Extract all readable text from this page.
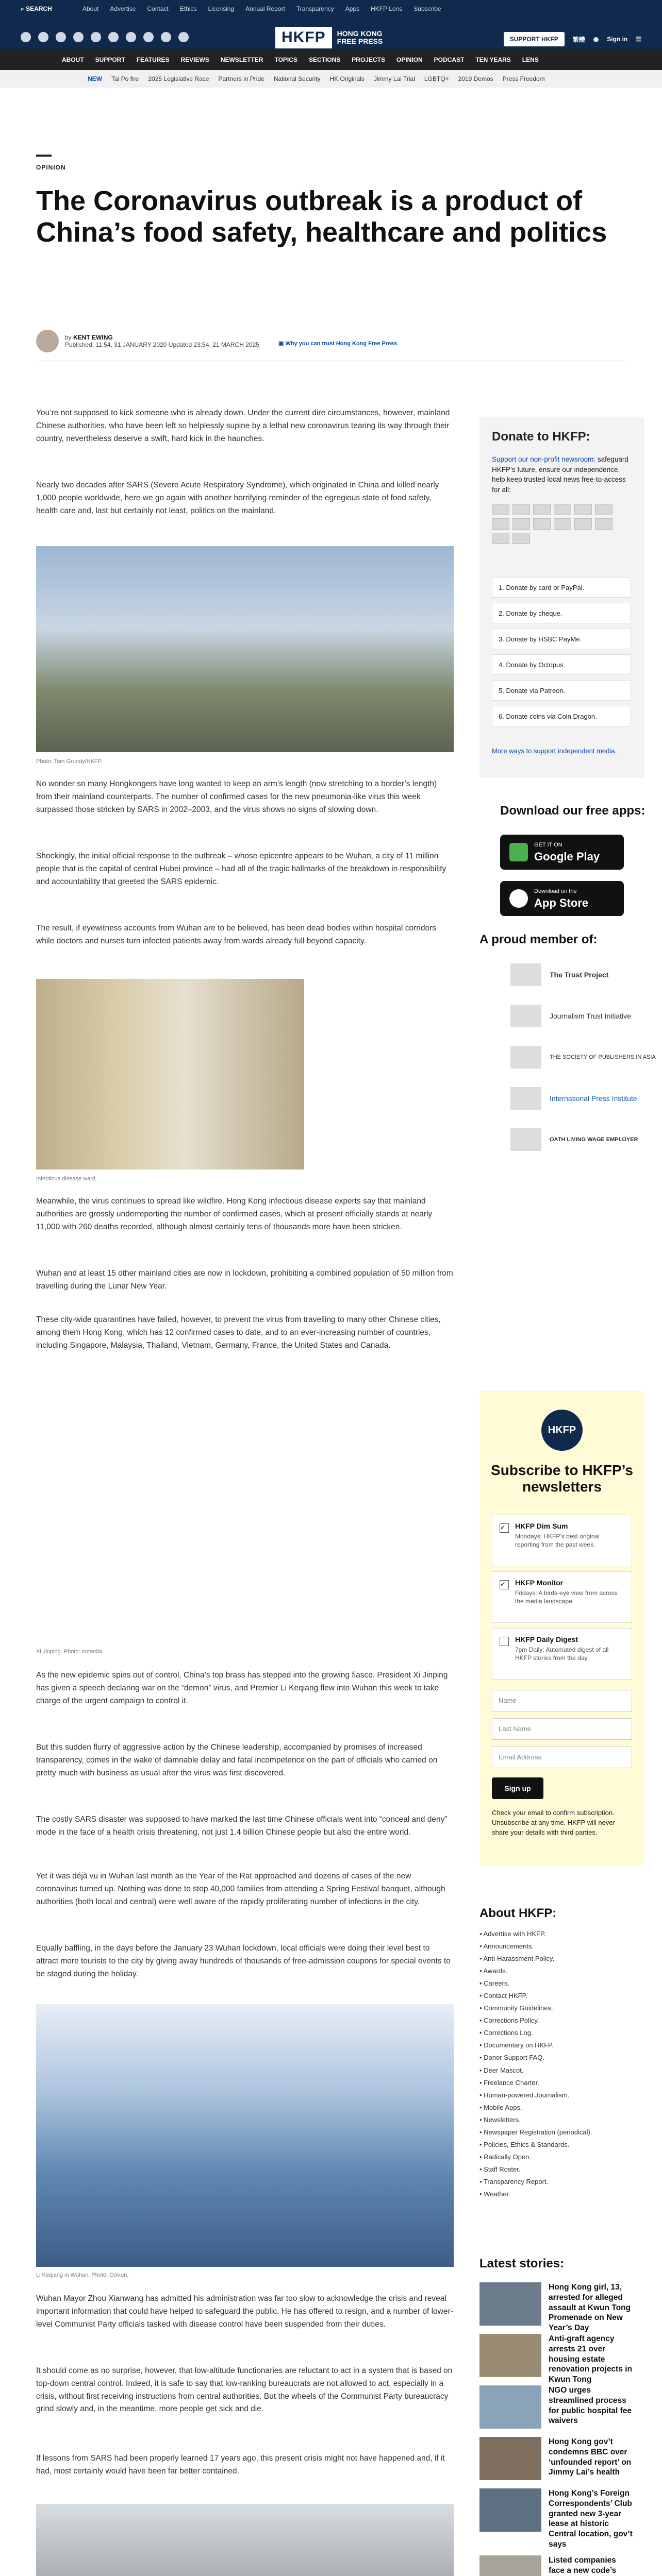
⌕ SEARCH	About Advertise Contact Ethics Licensing Annual Report Transparency Apps HKFP Lens Subscribe
HKFP	HONG KONG
FREE PRESS	SUPPORT HKFP	繁體 ◉ Sign in ☰
ABOUT SUPPORT FEATURES REVIEWS NEWSLETTER TOPICS SECTIONS PROJECTS OPINION PODCAST TEN YEARS LENS
NEW Tai Po fire 2025 Legislative Race Partners in Pride National Security HK Originals Jimmy Lai Trial LGBTQ+ 2019 Demos Press Freedom
OPINION
The Coronavirus outbreak is a product of China’s food safety, healthcare and politics
by KENT EWING
Published: 11:54, 31 JANUARY 2020 Updated 23:54, 21 MARCH 2025	▣ Why you can trust Hong Kong Free Press

You’re not supposed to kick someone who is already down. Under the current dire circumstances, however, mainland Chinese authorities, who have been left so helplessly supine by a lethal new coronavirus tearing its way through their country, nevertheless deserve a swift, hard kick in the haunches.

Nearly two decades after SARS (Severe Acute Respiratory Syndrome), which originated in China and killed nearly 1,000 people worldwide, here we go again with another horrifying reminder of the egregious state of food safety, health care and, last but certainly not least, politics on the mainland.

Photo: Tom Grundy/HKFP.

No wonder so many Hongkongers have long wanted to keep an arm’s length (now stretching to a border’s length) from their mainland counterparts. The number of confirmed cases for the new pneumonia-like virus this week surpassed those stricken by SARS in 2002–2003, and the virus shows no signs of slowing down.

Shockingly, the initial official response to the outbreak – whose epicentre appears to be Wuhan, a city of 11 million people that is the capital of central Hubei province – had all of the tragic hallmarks of the breakdown in responsibility and accountability that greeted the SARS epidemic.

The result, if eyewitness accounts from Wuhan are to be believed, has been dead bodies within hospital corridors while doctors and nurses turn infected patients away from wards already full beyond capacity.

Infectious disease ward.

Meanwhile, the virus continues to spread like wildfire. Hong Kong infectious disease experts say that mainland authorities are grossly underreporting the number of confirmed cases, which at present officially stands at nearly 11,000 with 260 deaths recorded, although almost certainly tens of thousands more have been stricken.

Wuhan and at least 15 other mainland cities are now in lockdown, prohibiting a combined population of 50 million from travelling during the Lunar New Year.

These city-wide quarantines have failed, however, to prevent the virus from travelling to many other Chinese cities, among them Hong Kong, which has 12 confirmed cases to date, and to an ever-increasing number of countries, including Singapore, Malaysia, Thailand, Vietnam, Germany, France, the United States and Canada.

Xi Jinping. Photo: Inmedia.

As the new epidemic spins out of control, China’s top brass has stepped into the growing fiasco. President Xi Jinping has given a speech declaring war on the “demon” virus, and Premier Li Keqiang flew into Wuhan this week to take charge of the urgent campaign to control it.

But this sudden flurry of aggressive action by the Chinese leadership, accompanied by promises of increased transparency, comes in the wake of damnable delay and fatal incompetence on the part of officials who carried on pretty much with business as usual after the virus was first discovered.

The costly SARS disaster was supposed to have marked the last time Chinese officials went into “conceal and deny” mode in the face of a health crisis threatening, not just 1.4 billion Chinese people but also the entire world.

Yet it was déjà vu in Wuhan last month as the Year of the Rat approached and dozens of cases of the new coronavirus turned up. Nothing was done to stop 40,000 families from attending a Spring Festival banquet, although authorities (both local and central) were well aware of the rapidly proliferating number of infections in the city.

Equally baffling, in the days before the January 23 Wuhan lockdown, local officials were doing their level best to attract more tourists to the city by giving away hundreds of thousands of free-admission coupons for special events to be staged during the holiday.

Li Keqiang in Wuhan. Photo: Gov.cn.

Wuhan Mayor Zhou Xianwang has admitted his administration was far too slow to acknowledge the crisis and reveal important information that could have helped to safeguard the public. He has offered to resign, and a number of lower-level Communist Party officials tasked with disease control have been suspended from their duties.

It should come as no surprise, however, that low-altitude functionaries are reluctant to act in a system that is based on top-down central control. Indeed, it is safe to say that low-ranking bureaucrats are not allowed to act, especially in a crisis, without first receiving instructions from central authorities. But the wheels of the Communist Party bureaucracy grind slowly and, in the meantime, more people get sick and die.

If lessons from SARS had been properly learned 17 years ago, this present crisis might not have happened and, if it had, most certainly would have been far better contained.

Donate to HKFP:

Support our non-profit newsroom: safeguard HKFP’s future, ensure our independence, help keep trusted local news free-to-access for all:

1. Donate by card or PayPal.
2. Donate by cheque.
3. Donate by HSBC PayMe.
4. Donate by Octopus.
5. Donate via Patreon.
6. Donate coins via Coin Dragon.
More ways to support independent media.
Download our free apps:
GET IT ON
Google Play
Download on the
App Store
A proud member of:
The Trust Project
Journalism Trust Initiative
THE SOCIETY OF PUBLISHERS IN ASIA
International Press Institute
OATH LIVING WAGE EMPLOYER
HKFP
Subscribe to HKFP’s newsletters
✔	HKFP Dim Sum
Mondays: HKFP’s best original reporting from the past week.
✔	HKFP Monitor
Fridays: A birds-eye view from across the media landscape.
HKFP Daily Digest
7pm Daily: Automated digest of all HKFP stories from the day.
Name
Last Name
Email Address
Sign up
Check your email to confirm subscription. Unsubscribe at any time. HKFP will never share your details with third parties.
About HKFP:
• Advertise with HKFP.
• Announcements.
• Anti-Harassment Policy.
• Awards.
• Careers.
• Contact HKFP.
• Community Guidelines.
• Corrections Policy.
• Corrections Log.
• Documentary on HKFP.
• Donor Support FAQ.
• Deer Mascot.
• Freelance Charter.
• Human-powered Journalism.
• Mobile Apps.
• Newsletters.
• Newspaper Registration (periodical).
• Policies, Ethics & Standards.
• Radically Open.
• Staff Roster.
• Transparency Report.
• Weather.
Latest stories:
Hong Kong girl, 13, arrested for alleged assault at Kwun Tong Promenade on New Year’s Day
Anti-graft agency arrests 21 over housing estate renovation projects in Kwun Tong
NGO urges streamlined process for public hospital fee waivers
Hong Kong gov’t condemns BBC over ‘unfounded report’ on Jimmy Lai’s health
Hong Kong’s Foreign Correspondents’ Club granted new 3-year lease at historic Central location, gov’t says
Listed companies face a new code’s
